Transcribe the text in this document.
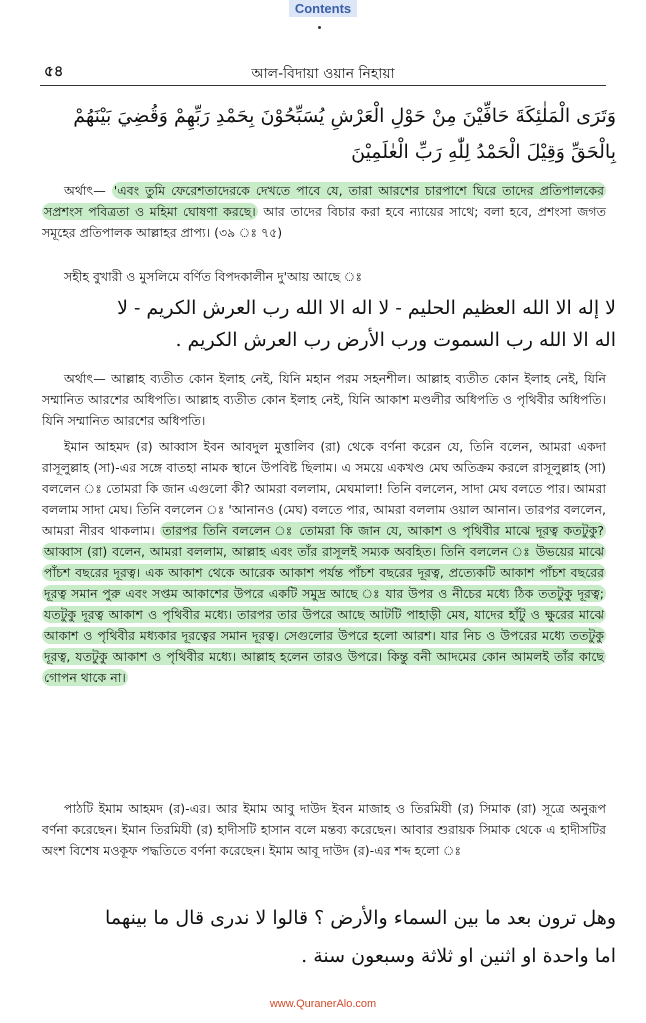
Contents
৫৪	আল-বিদায়া ওয়ান নিহায়া
وَتَرَى الْمَلٰئِكَةَ حَافِّيْنَ مِنْ حَوْلِ الْعَرْشِ يُسَبِّحُوْنَ بِحَمْدِ رَبِّهِمْ وَقُضِيَ بَيْنَهُمْ بِالْحَقِّ وَقِيْلَ الْحَمْدُ لِلّٰهِ رَبِّ الْعٰلَمِيْنَ
অর্থাৎ— 'এবং তুমি ফেরেশতাদেরকে দেখতে পাবে যে, তারা আরশের চারপাশে ঘিরে তাদের প্রতিপালকের সপ্রশংস পবিত্রতা ও মহিমা ঘোষণা করছে। আর তাদের বিচার করা হবে ন্যায়ের সাথে; বলা হবে, প্রশংসা জগত সমূহের প্রতিপালক আল্লাহর প্রাপ্য। (৩৯ ঃ ৭৫)
সহীহ বুখারী ও মুসলিমে বর্ণিত বিপদকালীন দু'আয় আছে ঃ
لا إله الا الله العظيم الحليم - لا اله الا الله رب العرش الكريم - لا
اله الا الله رب السموت ورب الأرض رب العرش الكريم .
অর্থাৎ— আল্লাহ ব্যতীত কোন ইলাহ নেই, যিনি মহান পরম সহনশীল। আল্লাহ ব্যতীত কোন ইলাহ নেই, যিনি সম্মানিত আরশের অধিপতি। আল্লাহ ব্যতীত কোন ইলাহ নেই, যিনি আকাশ মণ্ডলীর অধিপতি ও পৃথিবীর অধিপতি। যিনি সম্মানিত আরশের অধিপতি।
ইমান আহমদ (র) আব্বাস ইবন আবদুল মুত্তালিব (রা) থেকে বর্ণনা করেন যে, তিনি বলেন, আমরা একদা রাসূলুল্লাহ (সা)-এর সঙ্গে বাতহা নামক স্থানে উপবিষ্ট ছিলাম। এ সময়ে একখণ্ড মেঘ অতিক্রম করলে রাসূলুল্লাহ (সা) বললেন ঃ তোমরা কি জান এগুলো কী? আমরা বললাম, মেঘমালা! তিনি বললেন, সাদা মেঘ বলতে পার। আমরা বললাম সাদা মেঘ। তিনি বললেন ঃ 'আনানও (মেঘ) বলতে পার, আমরা বললাম ওয়াল আনান। তারপর বললেন, আমরা নীরব থাকলাম। তারপর তিনি বললেন ঃ তোমরা কি জান যে, আকাশ ও পৃথিবীর মাঝে দূরত্ব কতটুকু? আব্বাস (রা) বলেন, আমরা বললাম, আল্লাহ এবং তাঁর রাসূলই সম্যক অবহিত। তিনি বললেন ঃ উভয়ের মাঝে পাঁচশ বছরের দূরত্ব। এক আকাশ থেকে আরেক আকাশ পর্যন্ত পাঁচশ বছরের দূরত্ব, প্রত্যেকটি আকাশ পাঁচশ বছরের দূরত্ব সমান পুরু এবং সপ্তম আকাশের উপরে একটি সমুদ্র আছে ঃ যার উপর ও নীচের মধ্যে ঠিক ততটুকু দূরত্ব; যতটুকু দূরত্ব আকাশ ও পৃথিবীর মধ্যে। তারপর তার উপরে আছে আটটি পাহাড়ী মেষ, যাদের হাঁটু ও ক্ষুরের মাঝে আকাশ ও পৃথিবীর মধ্যকার দূরত্বের সমান দূরত্ব। সেগুলোর উপরে হলো আরশ। যার নিচ ও উপরের মধ্যে ততটুকু দূরত্ব, যতটুকু আকাশ ও পৃথিবীর মধ্যে। আল্লাহ হলেন তারও উপরে। কিন্তু বনী আদমের কোন আমলই তাঁর কাছে গোপন থাকে না।
পাঠটি ইমাম আহমদ (র)-এর। আর ইমাম আবু দাউদ ইবন মাজাহ ও তিরমিযী (র) সিমাক (রা) সূত্রে অনুরূপ বর্ণনা করেছেন। ইমান তিরমিযী (র) হাদীসটি হাসান বলে মন্তব্য করেছেন। আবার শুরায়ক সিমাক থেকে এ হাদীসটির অংশ বিশেষ মওকূফ পদ্ধতিতে বর্ণনা করেছেন। ইমাম আবূ দাউদ (র)-এর শব্দ হলো ঃ
وهل ترون بعد ما بين السماء والأرض ؟ قالوا لا ندرى قال ما بينهما
اما واحدة او اثنين او ثلاثة وسبعون سنة .
www.QuranerAlo.com
